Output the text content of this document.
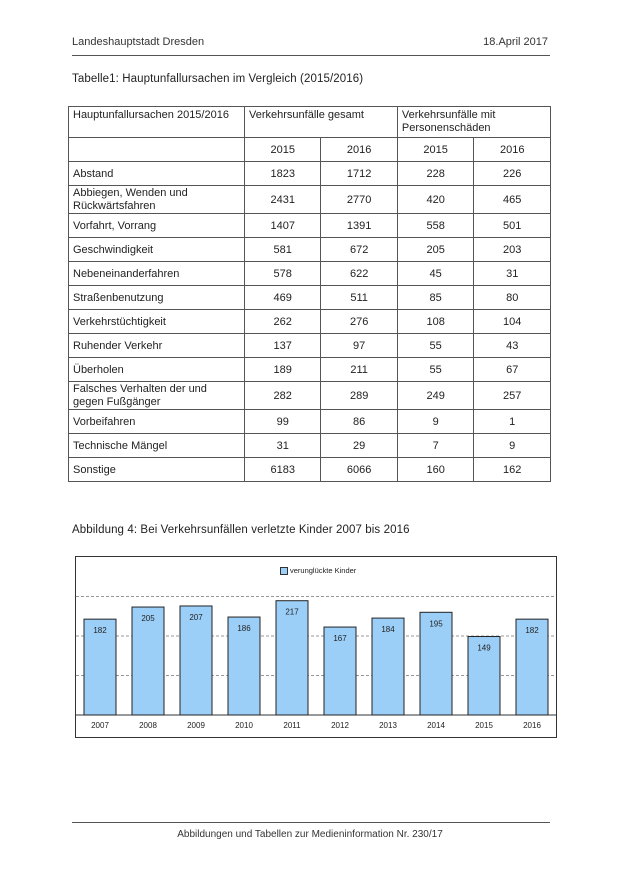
Landeshauptstadt Dresden	18.April 2017
Tabelle1: Hauptunfallursachen im Vergleich (2015/2016)
Hauptunfallursachen 2015/2016	Verkehrsunfälle gesamt		Verkehrsunfälle mit Personenschäden	
	2015	2016	2015	2016
Abstand	1823	1712	228	226
Abbiegen, Wenden und Rückwärtsfahren	2431	2770	420	465
Vorfahrt, Vorrang	1407	1391	558	501
Geschwindigkeit	581	672	205	203
Nebeneinanderfahren	578	622	45	31
Straßenbenutzung	469	511	85	80
Verkehrstüchtigkeit	262	276	108	104
Ruhender Verkehr	137	97	55	43
Überholen	189	211	55	67
Falsches Verhalten der und gegen Fußgänger	282	289	249	257
Vorbeifahren	99	86	9	1
Technische Mängel	31	29	7	9
Sonstige	6183	6066	160	162
Abbildung 4: Bei Verkehrsunfällen verletzte Kinder 2007 bis 2016
182
2007
205
2008
207
2009
186
2010
217
2011
167
2012
184
2013
195
2014
149
2015
182
2016
verunglückte Kinder
Abbildungen und Tabellen zur Medieninformation Nr. 230/17
